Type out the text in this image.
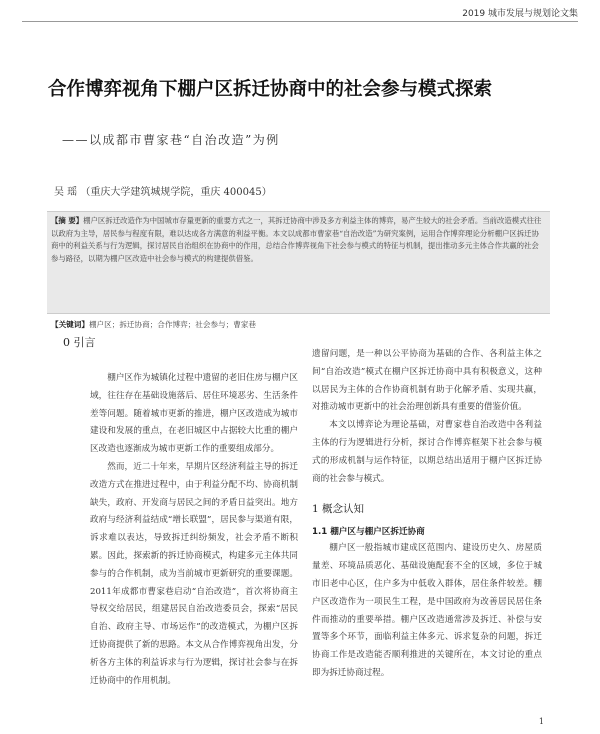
2019 城市发展与规划论文集
合作博弈视角下棚户区拆迁协商中的社会参与模式探索
——以成都市曹家巷“自治改造”为例
吴 瑶 （重庆大学建筑城规学院，重庆 400045）
【摘 要】棚户区拆迁改造作为中国城市存量更新的重要方式之一，其拆迁协商中涉及多方利益主体的博弈，易产生较大的社会矛盾。当前改造模式往往以政府为主导，居民参与程度有限，难以达成各方满意的利益平衡。本文以成都市曹家巷“自治改造”为研究案例，运用合作博弈理论分析棚户区拆迁协商中的利益关系与行为逻辑，探讨居民自治组织在协商中的作用，总结合作博弈视角下社会参与模式的特征与机制，提出推动多元主体合作共赢的社会参与路径，以期为棚户区改造中社会参与模式的构建提供借鉴。
【关键词】棚户区；拆迁协商；合作博弈；社会参与；曹家巷
0 引言

棚户区作为城镇化过程中遗留的老旧住房与棚户区域，往往存在基础设施落后、居住环境恶劣、生活条件差等问题。随着城市更新的推进，棚户区改造成为城市建设和发展的重点，在老旧城区中占据较大比重的棚户区改造也逐渐成为城市更新工作的重要组成部分。

然而，近二十年来，早期片区经济利益主导的拆迁改造方式在推进过程中，由于利益分配不均、协商机制缺失，政府、开发商与居民之间的矛盾日益突出。地方政府与经济利益结成“增长联盟”，居民参与渠道有限，诉求难以表达，导致拆迁纠纷频发，社会矛盾不断积累。因此，探索新的拆迁协商模式，构建多元主体共同参与的合作机制，成为当前城市更新研究的重要课题。2011年成都市曹家巷启动“自治改造”，首次将协商主导权交给居民，组建居民自治改造委员会，探索“居民自治、政府主导、市场运作”的改造模式，为棚户区拆迁协商提供了新的思路。本文从合作博弈视角出发，分析各方主体的利益诉求与行为逻辑，探讨社会参与在拆迁协商中的作用机制。

遗留问题，是一种以公平协商为基础的合作、各利益主体之间“自治改造”模式在棚户区拆迁协商中具有积极意义，这种以居民为主体的合作协商机制有助于化解矛盾、实现共赢，对推动城市更新中的社会治理创新具有重要的借鉴价值。

本文以博弈论为理论基础，对曹家巷自治改造中各利益主体的行为逻辑进行分析，探讨合作博弈框架下社会参与模式的形成机制与运作特征，以期总结出适用于棚户区拆迁协商的社会参与模式。

1 概念认知

1.1 棚户区与棚户区拆迁协商

棚户区一般指城市建成区范围内、建设历史久、房屋质量差、环境品质恶化、基础设施配套不全的区域，多位于城市旧老中心区，住户多为中低收入群体，居住条件较差。棚户区改造作为一项民生工程，是中国政府为改善居民居住条件而推动的重要举措。棚户区改造通常涉及拆迁、补偿与安置等多个环节，面临利益主体多元、诉求复杂的问题，拆迁协商工作是改造能否顺利推进的关键所在，本文讨论的重点即为拆迁协商过程。

1
